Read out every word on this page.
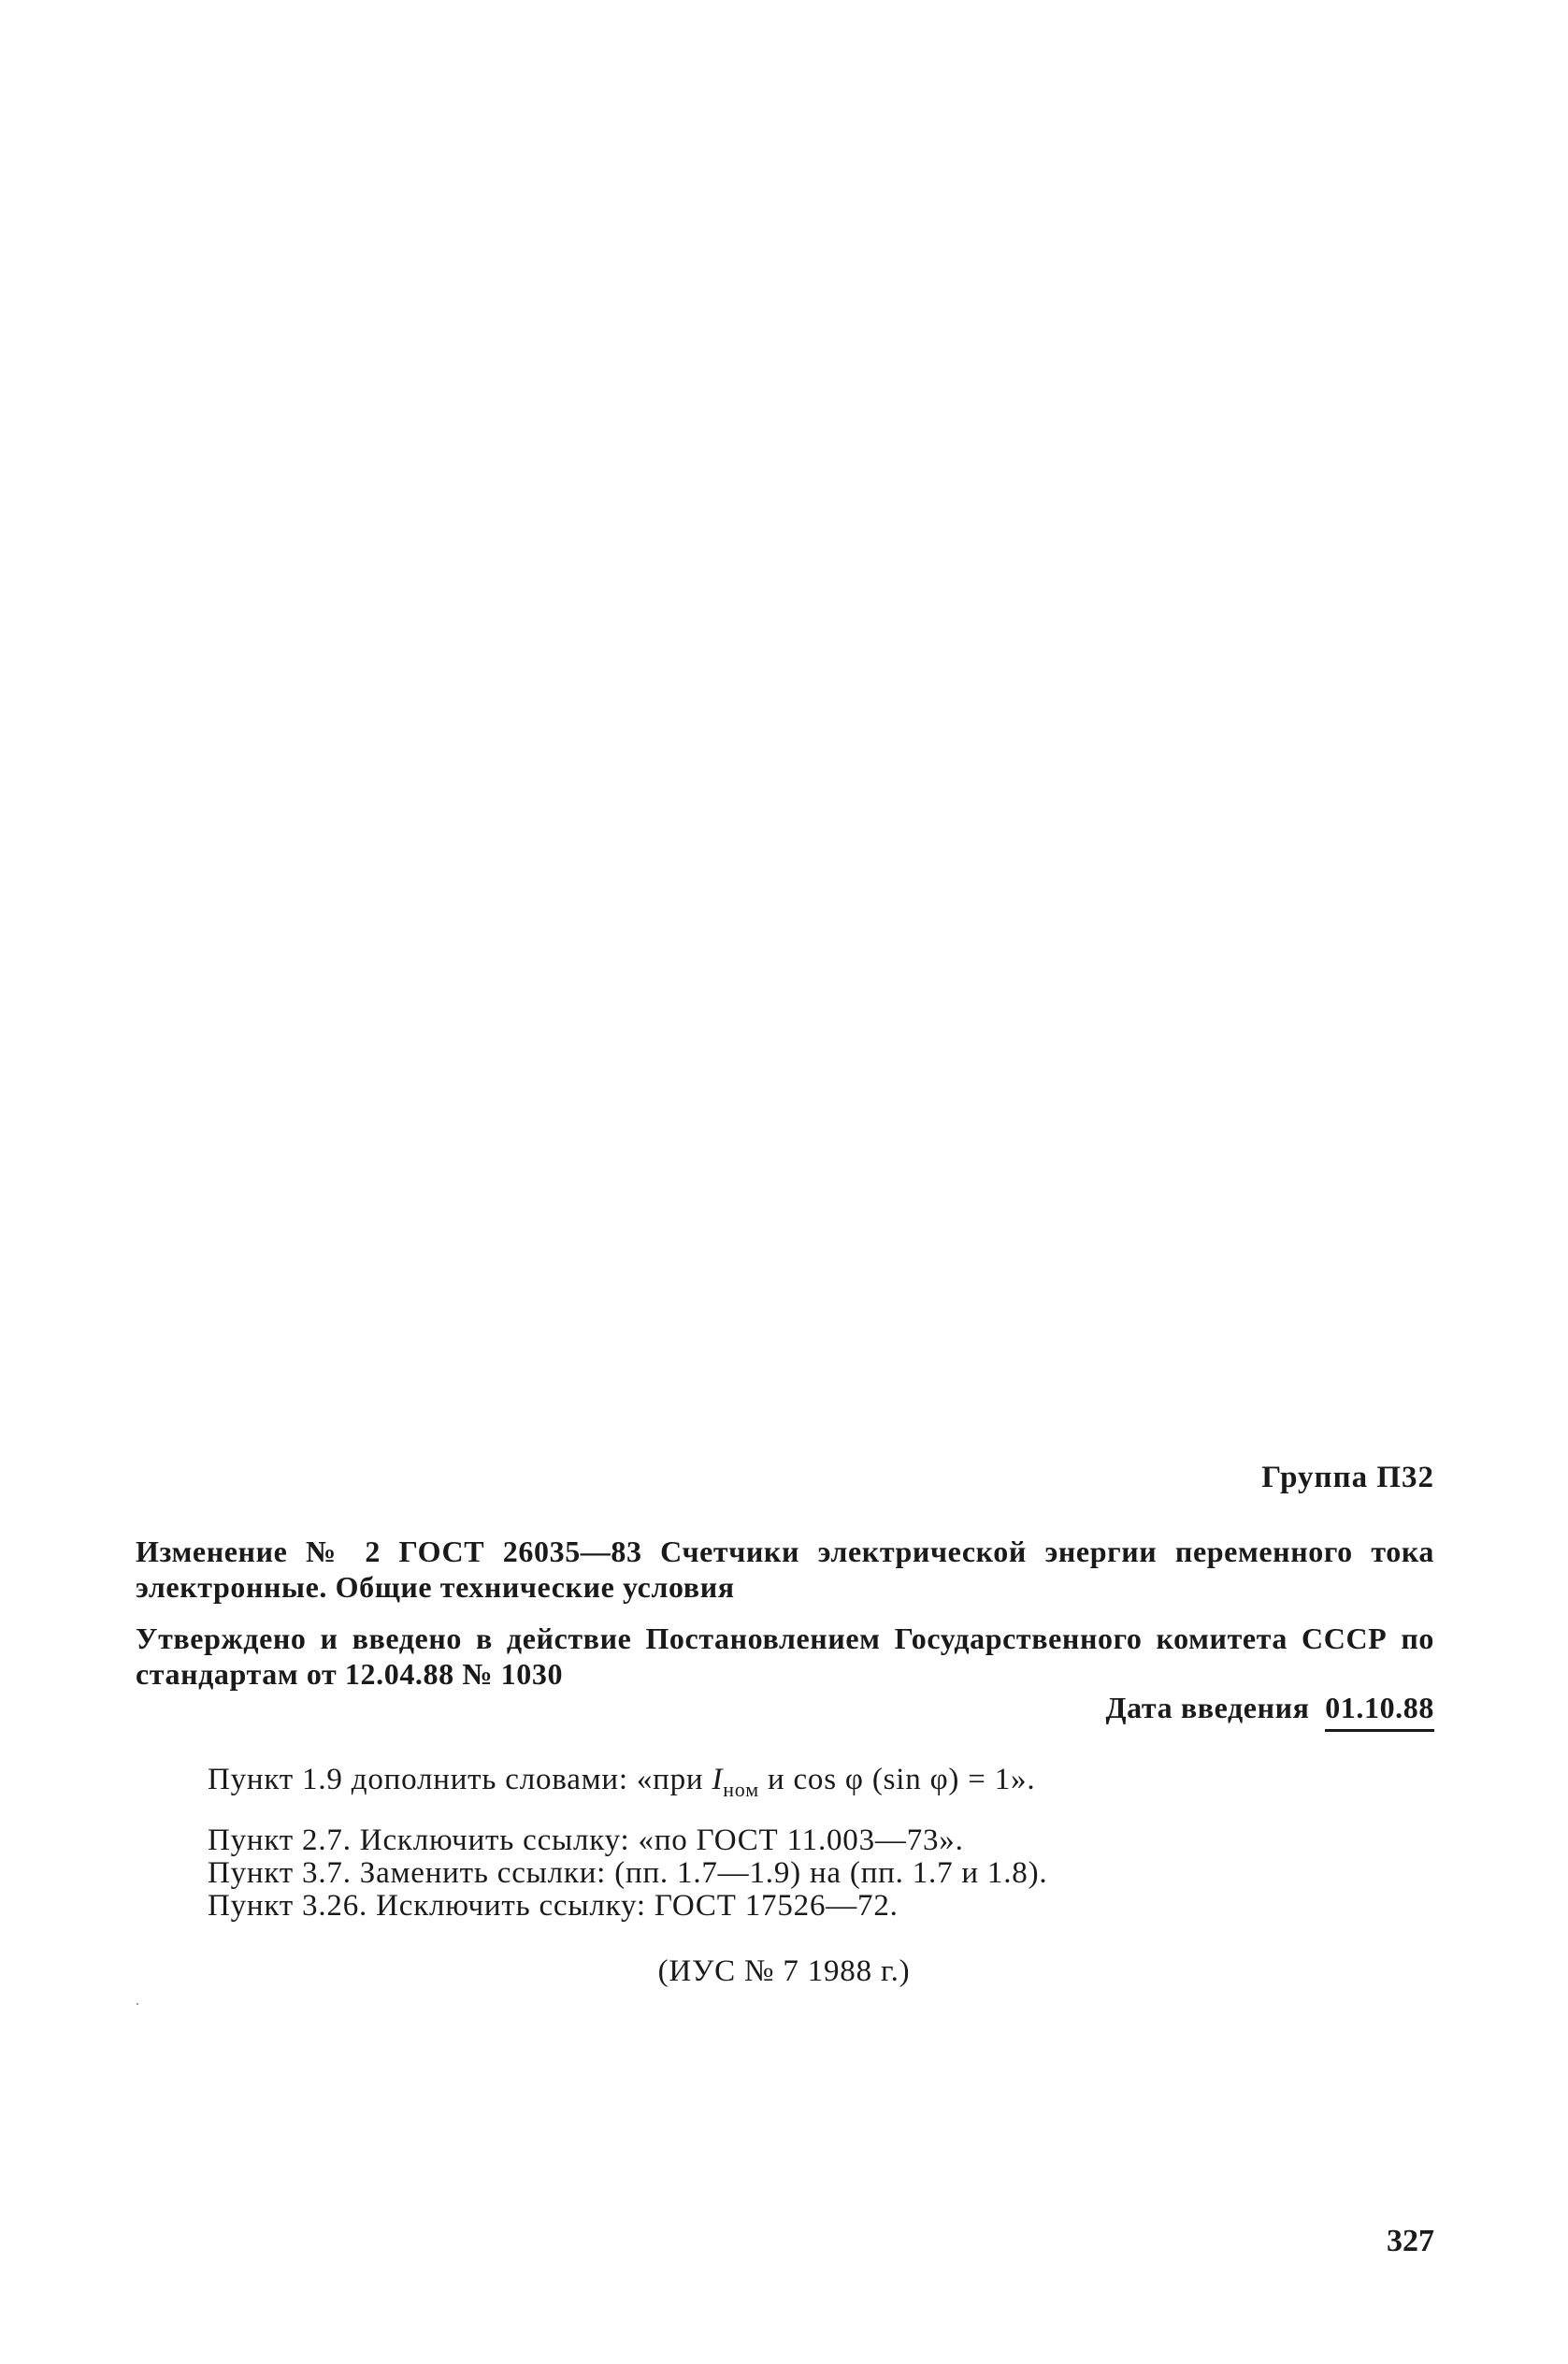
Группа П32
Изменение № 2 ГОСТ 26035—83 Счетчики электрической энергии переменного тока электронные. Общие технические условия
Утверждено и введено в действие Постановлением Государственного комитета СССР по стандартам от 12.04.88 № 1030
Дата введения 01.10.88
Пункт 1.9 дополнить словами: «при $I_{ном}$ и cos φ (sin φ) = 1».
Пункт 2.7. Исключить ссылку: «по ГОСТ 11.003—73».
Пункт 3.7. Заменить ссылки: (пп. 1.7—1.9) на (пп. 1.7 и 1.8).
Пункт 3.26. Исключить ссылку: ГОСТ 17526—72.
(ИУС № 7 1988 г.)
327
